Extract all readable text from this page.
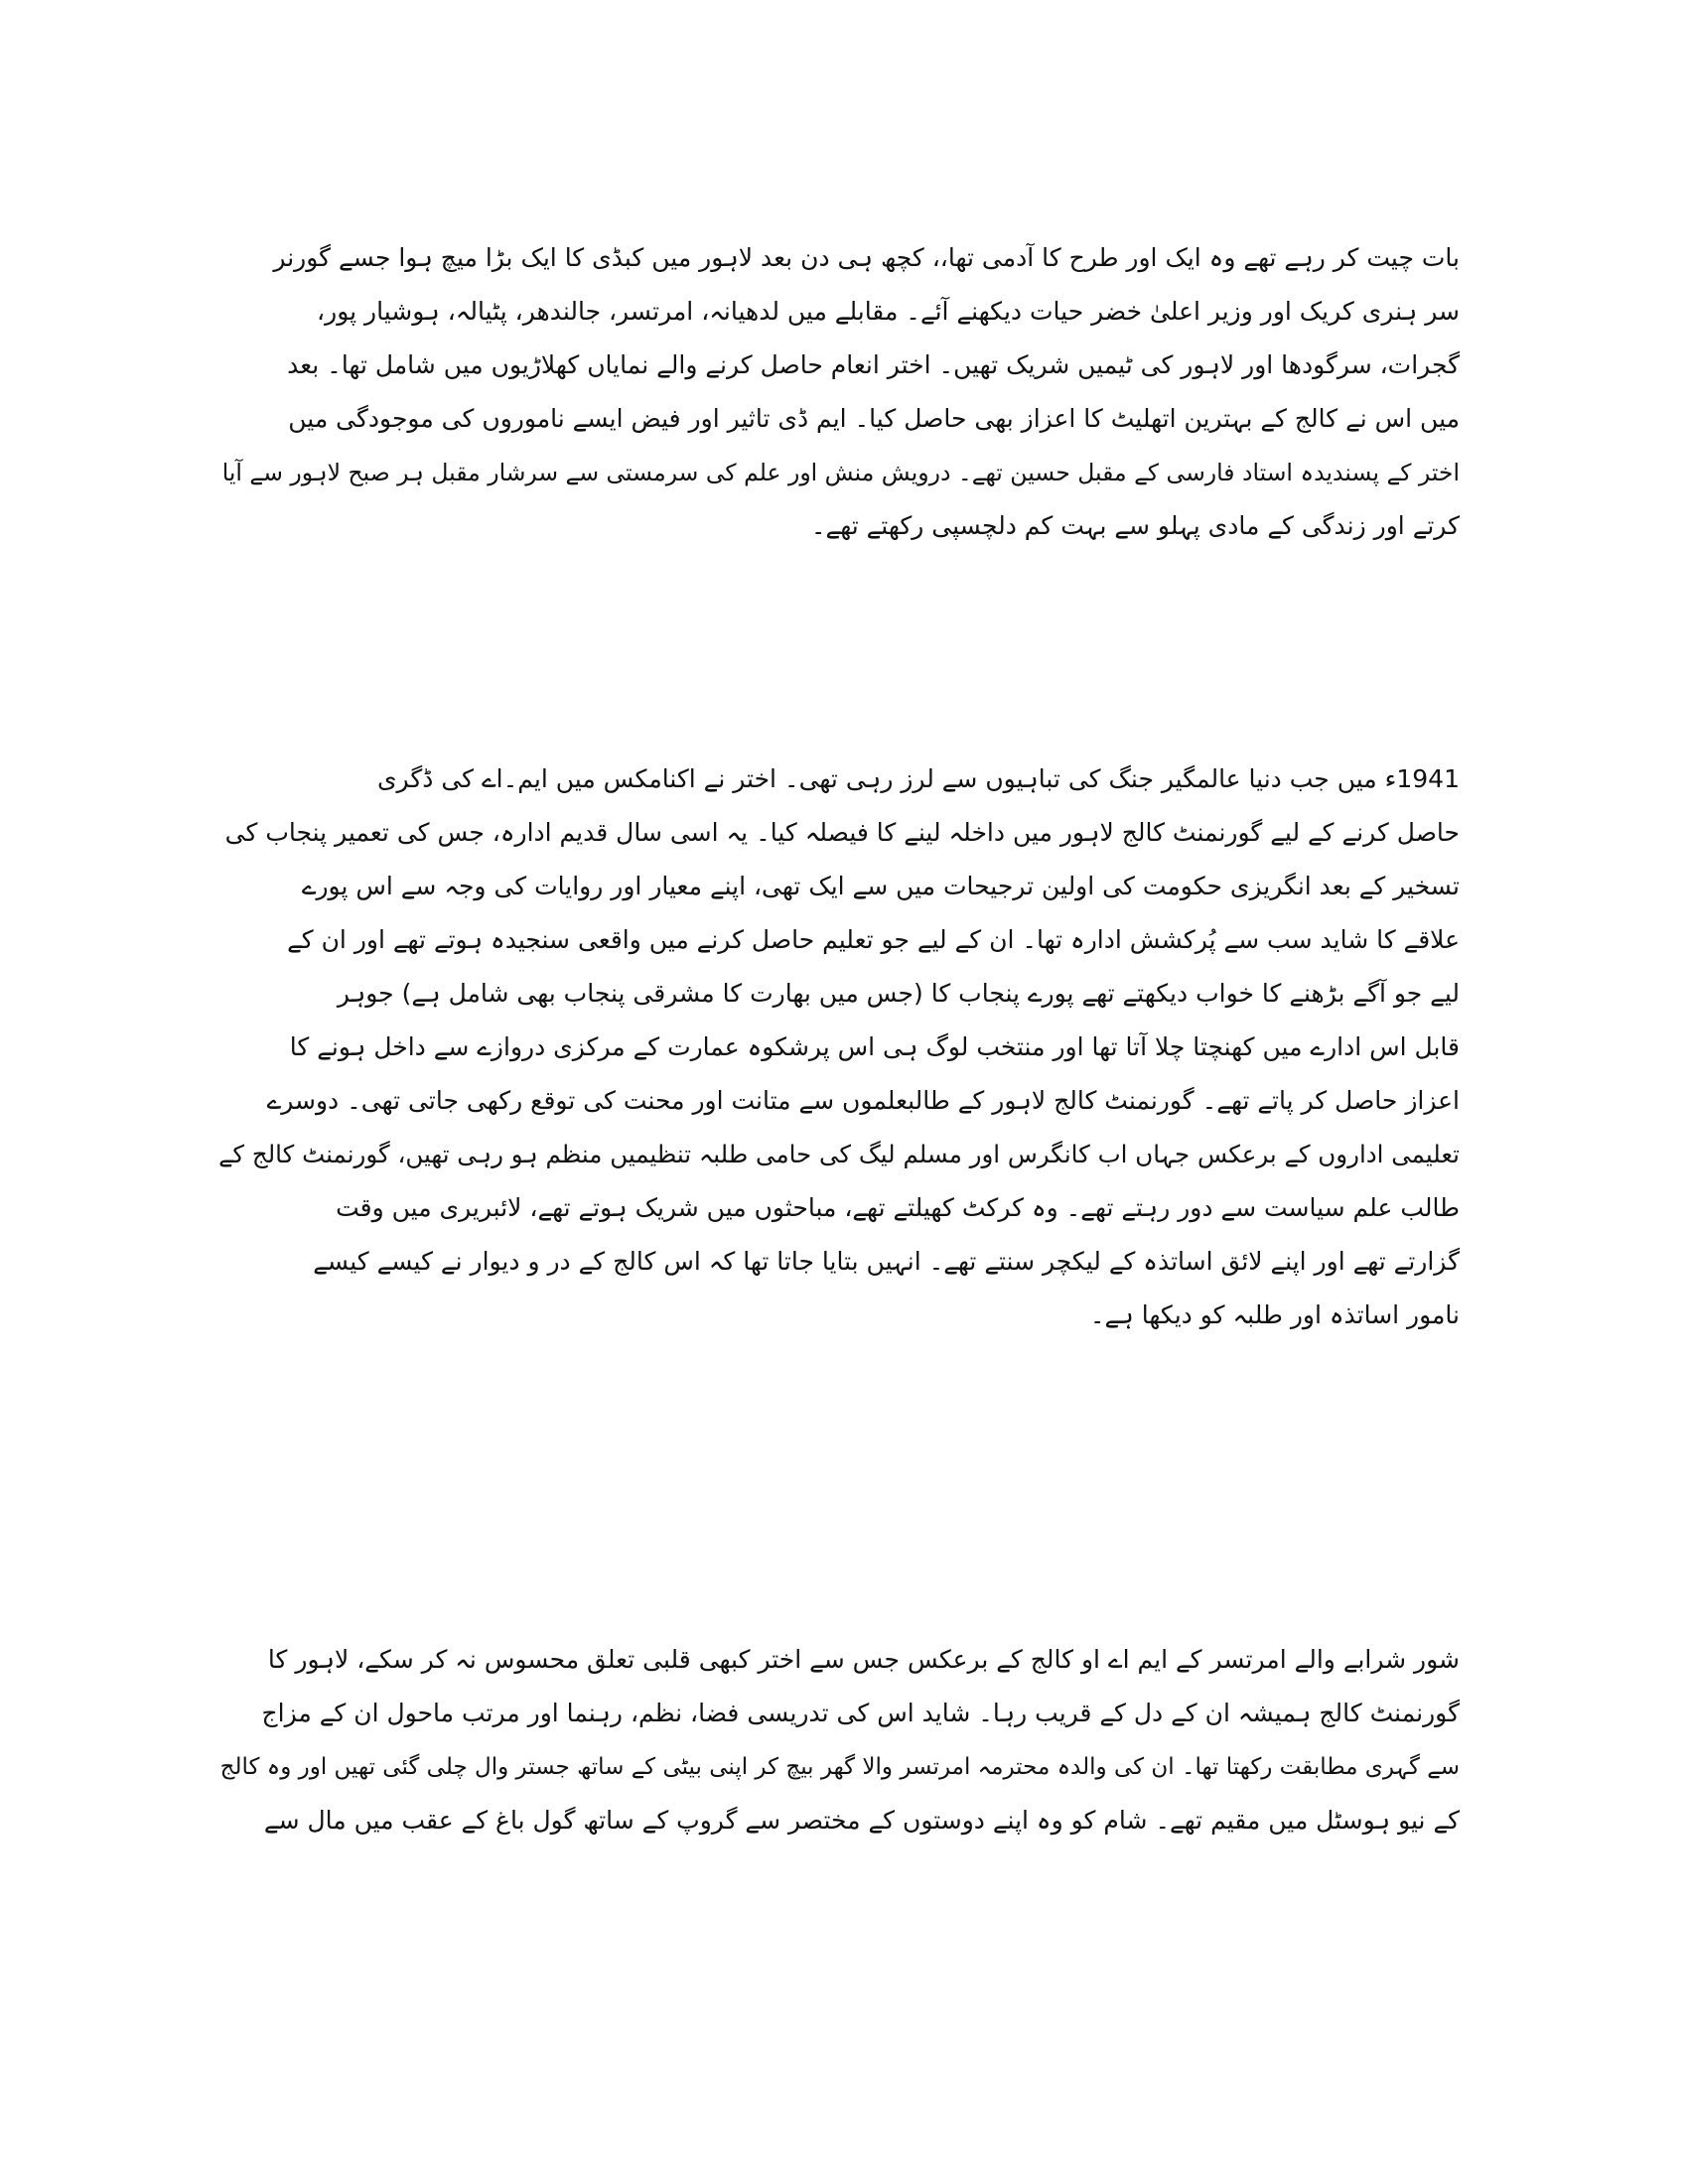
بات چیت کر رہے تھے وہ ایک اور طرح کا آدمی تھا،، کچھ ہی دن بعد لاہور میں کبڈی کا ایک بڑا میچ ہوا جسے گورنر
سر ہنری کریک اور وزیر اعلیٰ خضر حیات دیکھنے آئے۔ مقابلے میں لدھیانہ، امرتسر، جالندھر، پٹیالہ، ہوشیار پور،
گجرات، سرگودھا اور لاہور کی ٹیمیں شریک تھیں۔ اختر انعام حاصل کرنے والے نمایاں کھلاڑیوں میں شامل تھا۔ بعد
میں اس نے کالج کے بہترین اتھلیٹ کا اعزاز بھی حاصل کیا۔ ایم ڈی تاثیر اور فیض ایسے ناموروں کی موجودگی میں
اختر کے پسندیدہ استاد فارسی کے مقبل حسین تھے۔ درویش منش اور علم کی سرمستی سے سرشار مقبل ہر صبح لاہور سے آیا
کرتے اور زندگی کے مادی پہلو سے بہت کم دلچسپی رکھتے تھے۔
1941ء میں جب دنیا عالمگیر جنگ کی تباہیوں سے لرز رہی تھی۔ اختر نے اکنامکس میں ایم۔اے کی ڈگری
حاصل کرنے کے لیے گورنمنٹ کالج لاہور میں داخلہ لینے کا فیصلہ کیا۔ یہ اسی سال قدیم ادارہ، جس کی تعمیر پنجاب کی
تسخیر کے بعد انگریزی حکومت کی اولین ترجیحات میں سے ایک تھی، اپنے معیار اور روایات کی وجہ سے اس پورے
علاقے کا شاید سب سے پُرکشش ادارہ تھا۔ ان کے لیے جو تعلیم حاصل کرنے میں واقعی سنجیدہ ہوتے تھے اور ان کے
لیے جو آگے بڑھنے کا خواب دیکھتے تھے پورے پنجاب کا (جس میں بھارت کا مشرقی پنجاب بھی شامل ہے) جوہر
قابل اس ادارے میں کھنچتا چلا آتا تھا اور منتخب لوگ ہی اس پرشکوہ عمارت کے مرکزی دروازے سے داخل ہونے کا
اعزاز حاصل کر پاتے تھے۔ گورنمنٹ کالج لاہور کے طالبعلموں سے متانت اور محنت کی توقع رکھی جاتی تھی۔ دوسرے
تعلیمی اداروں کے برعکس جہاں اب کانگرس اور مسلم لیگ کی حامی طلبہ تنظیمیں منظم ہو رہی تھیں، گورنمنٹ کالج کے
طالب علم سیاست سے دور رہتے تھے۔ وہ کرکٹ کھیلتے تھے، مباحثوں میں شریک ہوتے تھے، لائبریری میں وقت
گزارتے تھے اور اپنے لائق اساتذہ کے لیکچر سنتے تھے۔ انہیں بتایا جاتا تھا کہ اس کالج کے در و دیوار نے کیسے کیسے
نامور اساتذہ اور طلبہ کو دیکھا ہے۔
شور شرابے والے امرتسر کے ایم اے او کالج کے برعکس جس سے اختر کبھی قلبی تعلق محسوس نہ کر سکے، لاہور کا
گورنمنٹ کالج ہمیشہ ان کے دل کے قریب رہا۔ شاید اس کی تدریسی فضا، نظم، رہنما اور مرتب ماحول ان کے مزاج
سے گہری مطابقت رکھتا تھا۔ ان کی والدہ محترمہ امرتسر والا گھر بیچ کر اپنی بیٹی کے ساتھ جستر وال چلی گئی تھیں اور وہ کالج
کے نیو ہوسٹل میں مقیم تھے۔ شام کو وہ اپنے دوستوں کے مختصر سے گروپ کے ساتھ گول باغ کے عقب میں مال سے
